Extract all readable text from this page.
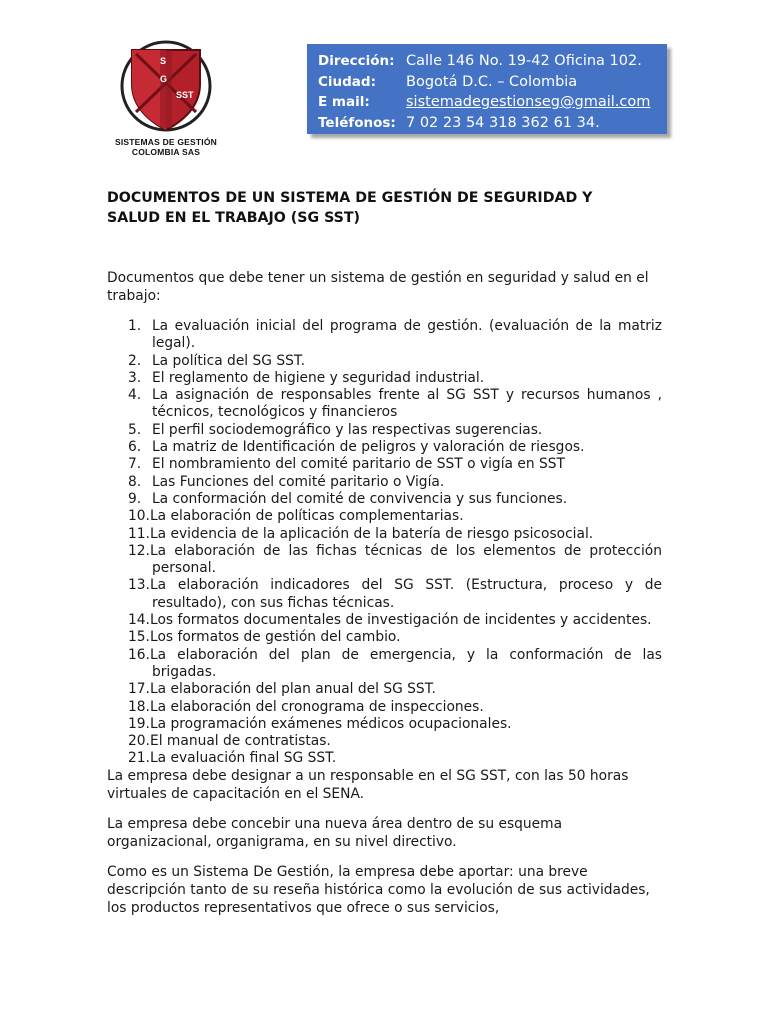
S
G
SST
SISTEMAS DE GESTIÓN
COLOMBIA SAS
Dirección: Calle 146 No. 19-42 Oficina 102.
Ciudad: Bogotá D.C. – Colombia
E mail: sistemadegestionseg@gmail.com
Teléfonos: 7 02 23 54 318 362 61 34.
DOCUMENTOS DE UN SISTEMA DE GESTIÓN DE SEGURIDAD Y
SALUD EN EL TRABAJO (SG SST)
Documentos que debe tener un sistema de gestión en seguridad y salud en el trabajo:
1. La evaluación inicial del programa de gestión. (evaluación de la matriz legal).
2. La política del SG SST.
3. El reglamento de higiene y seguridad industrial.
4. La asignación de responsables frente al SG SST y recursos humanos , técnicos, tecnológicos y financieros
5. El perfil sociodemográfico y las respectivas sugerencias.
6. La matriz de Identificación de peligros y valoración de riesgos.
7. El nombramiento del comité paritario de SST o vigía en SST
8. Las Funciones del comité paritario o Vigía.
9. La conformación del comité de convivencia y sus funciones.
10. La elaboración de políticas complementarias.
11. La evidencia de la aplicación de la batería de riesgo psicosocial.
12. La elaboración de las fichas técnicas de los elementos de protección personal.
13. La elaboración indicadores del SG SST. (Estructura, proceso y de resultado), con sus fichas técnicas.
14. Los formatos documentales de investigación de incidentes y accidentes.
15. Los formatos de gestión del cambio.
16. La elaboración del plan de emergencia, y la conformación de las brigadas.
17. La elaboración del plan anual del SG SST.
18. La elaboración del cronograma de inspecciones.
19. La programación exámenes médicos ocupacionales.
20. El manual de contratistas.
21. La evaluación final SG SST.
La empresa debe designar a un responsable en el SG SST, con las 50 horas virtuales de capacitación en el SENA.
La empresa debe concebir una nueva área dentro de su esquema organizacional, organigrama, en su nivel directivo.
Como es un Sistema De Gestión, la empresa debe aportar: una breve descripción tanto de su reseña histórica como la evolución de sus actividades, los productos representativos que ofrece o sus servicios,
